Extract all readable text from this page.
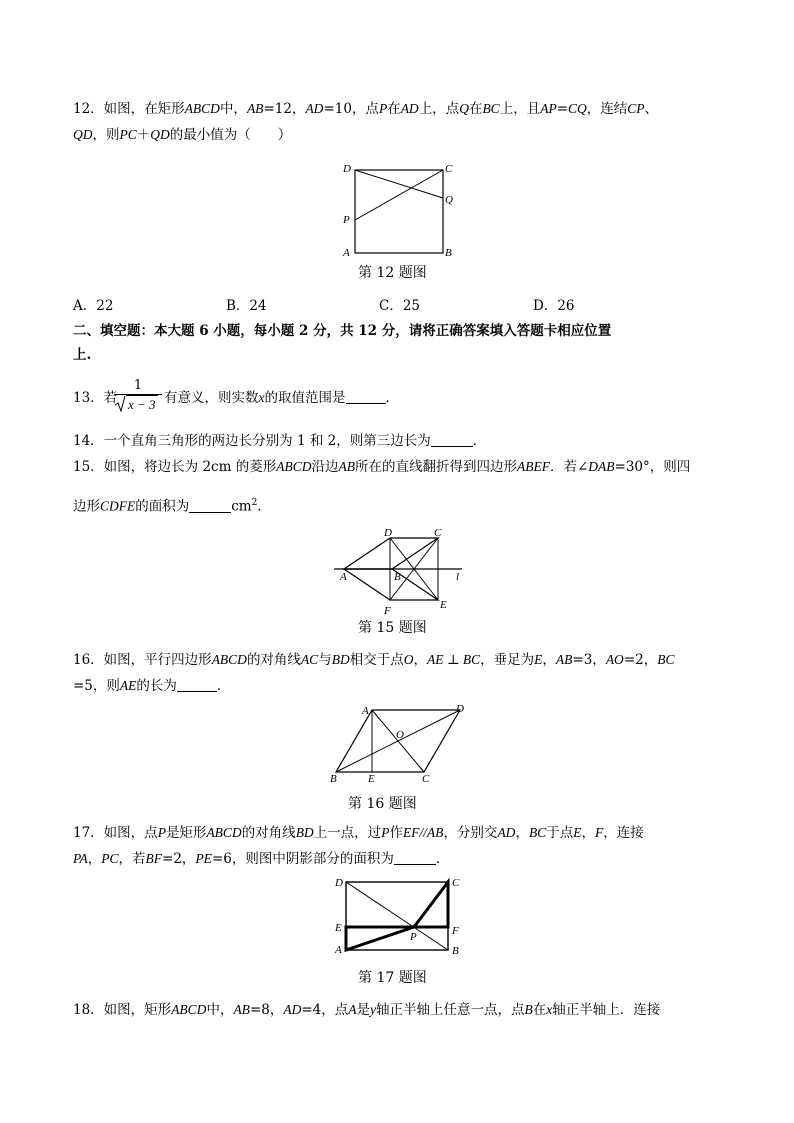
12．如图，在矩形ABCD中，AB=12，AD=10，点P在AD上，点Q在BC上，且AP=CQ，连结CP、
QD，则PC＋QD的最小值为（　　）
D	C
Q
P
A	B
第 12 题图
A．22	B．24	C．25	D．26
二、填空题：本大题 6 小题，每小题 2 分，共 12 分，请将正确答案填入答题卡相应位置
上.
13．若
1
x − 3 有意义，则实数x的取值范围是	．
14．一个直角三角形的两边长分别为 1 和 2，则第三边长为	．
15．如图，将边长为 2cm 的菱形ABCD沿边AB所在的直线翻折得到四边形ABEF．若∠DAB=30°，则四
边形CDFE的面积为	$cm^2$．
D	C
A	B
F	E
l
第 15 题图
16．如图，平行四边形ABCD的对角线AC与BD相交于点O，AE ⊥ BC，垂足为E，AB=3，AO=2，BC
=5，则AE的长为	．
A	D
O
B	E	C
第 16 题图
17．如图，点P是矩形ABCD的对角线BD上一点，过P作EF//AB，分别交AD，BC于点E，F，连接
PA，PC，若BF=2，PE=6，则图中阴影部分的面积为	．
D	C
E	F
A
P
B
第 17 题图
18．如图，矩形ABCD中，AB=8，AD=4，点A是y轴正半轴上任意一点，点B在x轴正半轴上．连接
